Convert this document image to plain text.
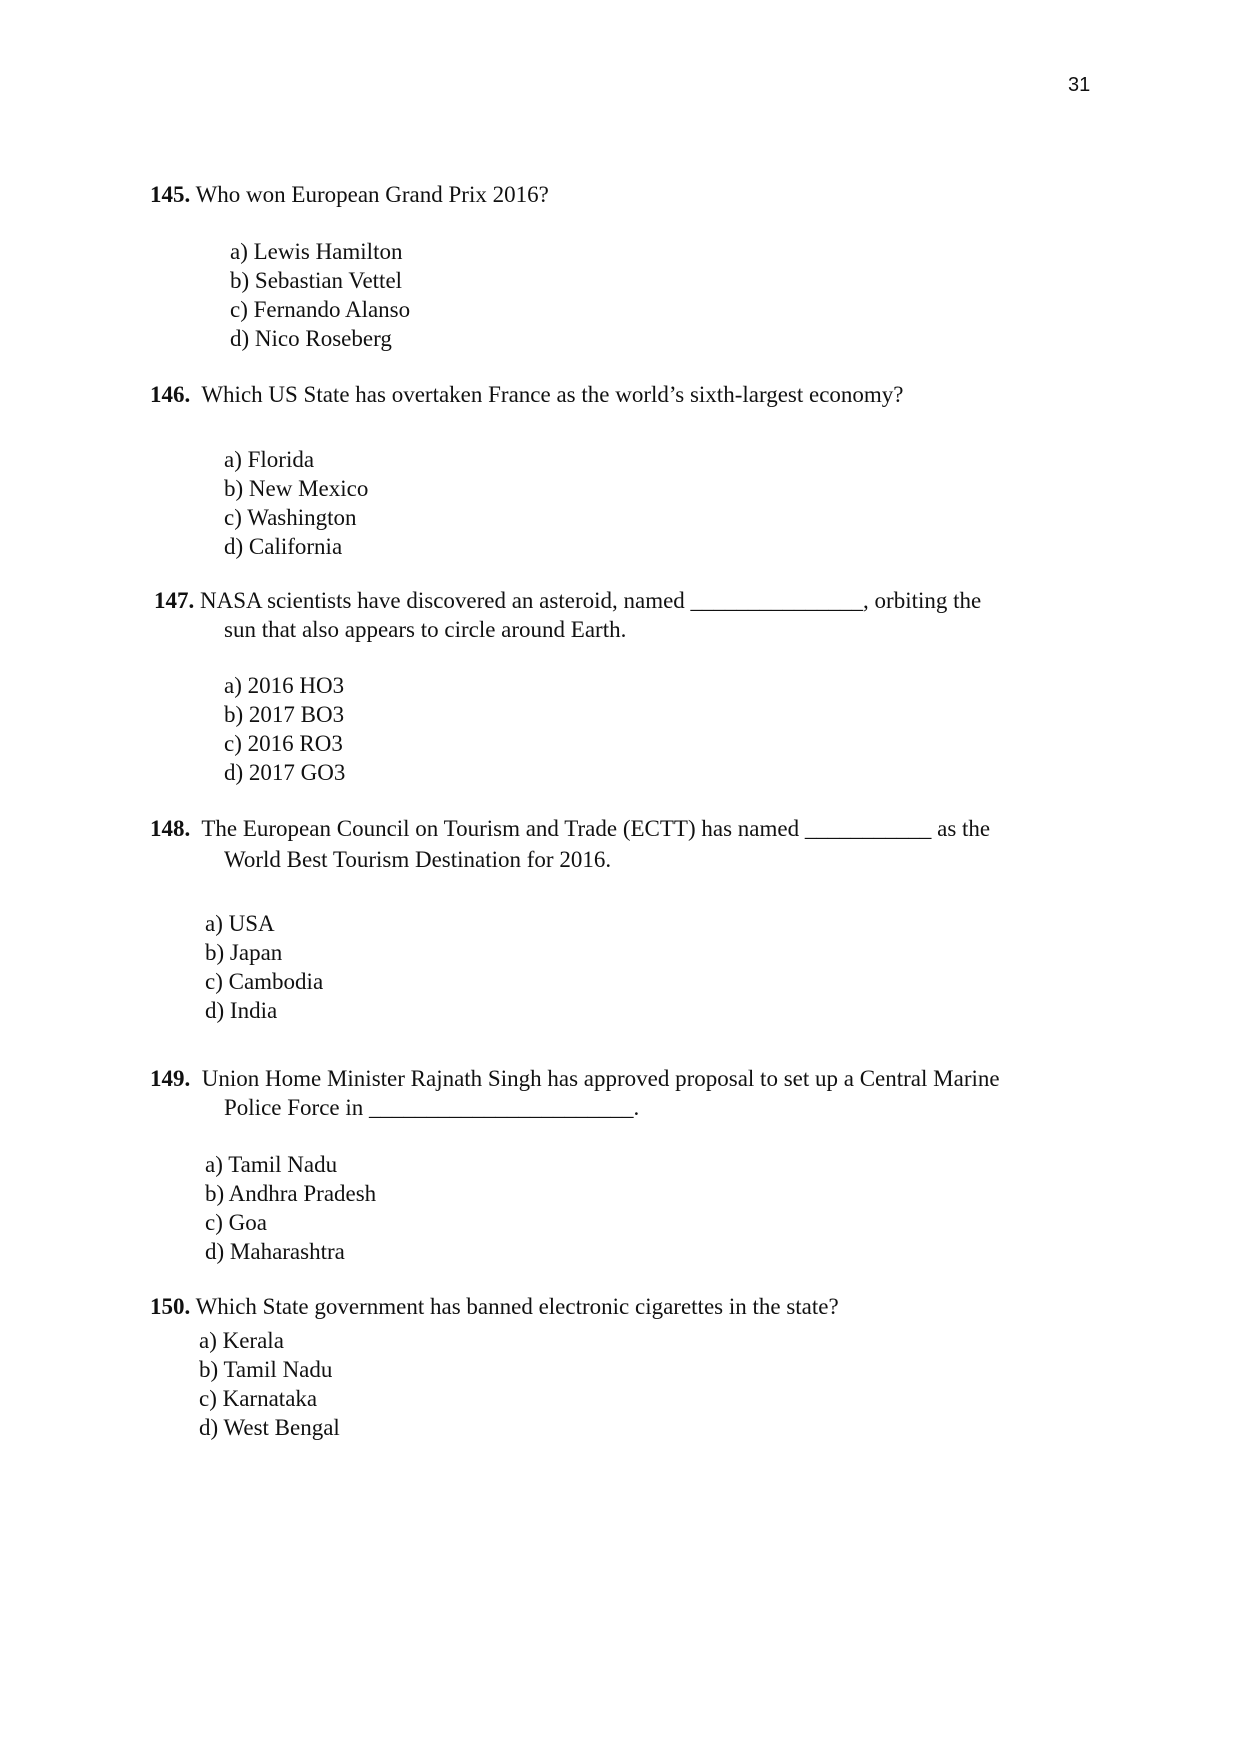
31
145. Who won European Grand Prix 2016?
a) Lewis Hamilton
b) Sebastian Vettel
c) Fernando Alanso
d) Nico Roseberg
146. Which US State has overtaken France as the world’s sixth-largest economy?
a) Florida
b) New Mexico
c) Washington
d) California
147. NASA scientists have discovered an asteroid, named _______________, orbiting the
sun that also appears to circle around Earth.
a) 2016 HO3
b) 2017 BO3
c) 2016 RO3
d) 2017 GO3
148. The European Council on Tourism and Trade (ECTT) has named ___________ as the
World Best Tourism Destination for 2016.
a) USA
b) Japan
c) Cambodia
d) India
149. Union Home Minister Rajnath Singh has approved proposal to set up a Central Marine
Police Force in _______________________.
a) Tamil Nadu
b) Andhra Pradesh
c) Goa
d) Maharashtra
150. Which State government has banned electronic cigarettes in the state?
a) Kerala
b) Tamil Nadu
c) Karnataka
d) West Bengal
